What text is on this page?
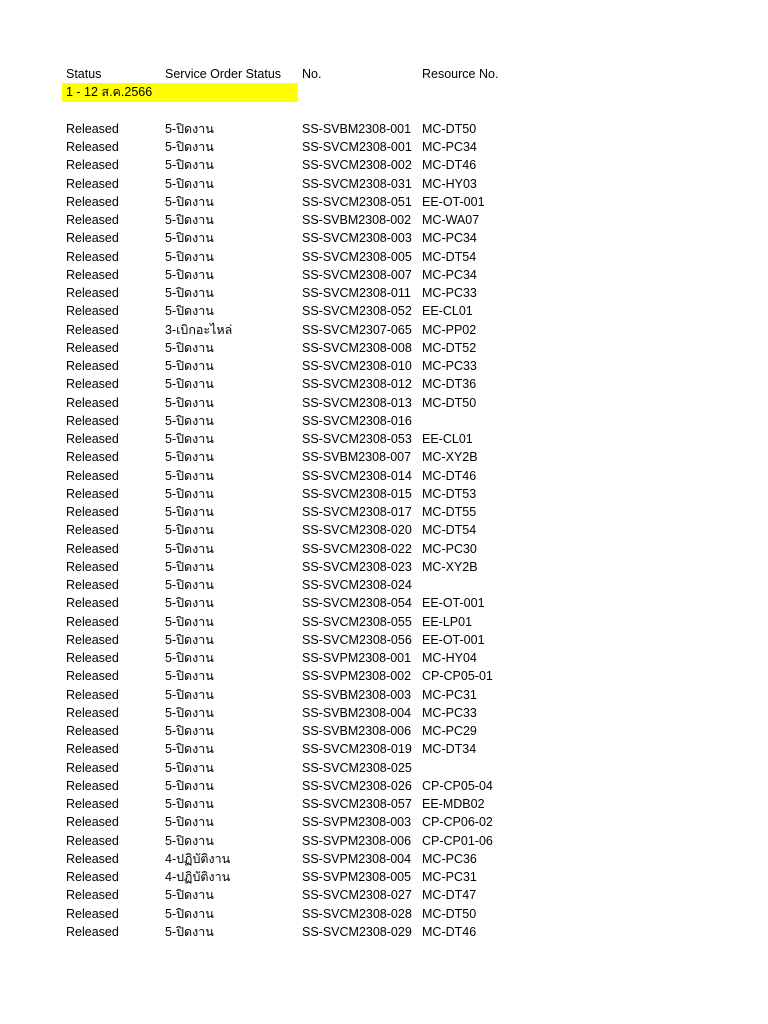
Status	Service Order Status	No.	Resource No.
1 - 12 ส.ค.2566
Released	5-ปิดงาน	SS-SVBM2308-001 MC-DT50
Released	5-ปิดงาน	SS-SVCM2308-001 MC-PC34
Released	5-ปิดงาน	SS-SVCM2308-002 MC-DT46
Released	5-ปิดงาน	SS-SVCM2308-031 MC-HY03
Released	5-ปิดงาน	SS-SVCM2308-051 EE-OT-001
Released	5-ปิดงาน	SS-SVBM2308-002 MC-WA07
Released	5-ปิดงาน	SS-SVCM2308-003 MC-PC34
Released	5-ปิดงาน	SS-SVCM2308-005 MC-DT54
Released	5-ปิดงาน	SS-SVCM2308-007 MC-PC34
Released	5-ปิดงาน	SS-SVCM2308-011 MC-PC33
Released	5-ปิดงาน	SS-SVCM2308-052 EE-CL01
Released	3-เบิกอะไหล่	SS-SVCM2307-065 MC-PP02
Released	5-ปิดงาน	SS-SVCM2308-008 MC-DT52
Released	5-ปิดงาน	SS-SVCM2308-010 MC-PC33
Released	5-ปิดงาน	SS-SVCM2308-012 MC-DT36
Released	5-ปิดงาน	SS-SVCM2308-013 MC-DT50
Released	5-ปิดงาน	SS-SVCM2308-016
Released	5-ปิดงาน	SS-SVCM2308-053 EE-CL01
Released	5-ปิดงาน	SS-SVBM2308-007 MC-XY2B
Released	5-ปิดงาน	SS-SVCM2308-014 MC-DT46
Released	5-ปิดงาน	SS-SVCM2308-015 MC-DT53
Released	5-ปิดงาน	SS-SVCM2308-017 MC-DT55
Released	5-ปิดงาน	SS-SVCM2308-020 MC-DT54
Released	5-ปิดงาน	SS-SVCM2308-022 MC-PC30
Released	5-ปิดงาน	SS-SVCM2308-023 MC-XY2B
Released	5-ปิดงาน	SS-SVCM2308-024
Released	5-ปิดงาน	SS-SVCM2308-054 EE-OT-001
Released	5-ปิดงาน	SS-SVCM2308-055 EE-LP01
Released	5-ปิดงาน	SS-SVCM2308-056 EE-OT-001
Released	5-ปิดงาน	SS-SVPM2308-001 MC-HY04
Released	5-ปิดงาน	SS-SVPM2308-002 CP-CP05-01
Released	5-ปิดงาน	SS-SVBM2308-003 MC-PC31
Released	5-ปิดงาน	SS-SVBM2308-004 MC-PC33
Released	5-ปิดงาน	SS-SVBM2308-006 MC-PC29
Released	5-ปิดงาน	SS-SVCM2308-019 MC-DT34
Released	5-ปิดงาน	SS-SVCM2308-025
Released	5-ปิดงาน	SS-SVCM2308-026 CP-CP05-04
Released	5-ปิดงาน	SS-SVCM2308-057 EE-MDB02
Released	5-ปิดงาน	SS-SVPM2308-003 CP-CP06-02
Released	5-ปิดงาน	SS-SVPM2308-006 CP-CP01-06
Released	4-ปฏิบัติงาน	SS-SVPM2308-004 MC-PC36
Released	4-ปฏิบัติงาน	SS-SVPM2308-005 MC-PC31
Released	5-ปิดงาน	SS-SVCM2308-027 MC-DT47
Released	5-ปิดงาน	SS-SVCM2308-028 MC-DT50
Released	5-ปิดงาน	SS-SVCM2308-029 MC-DT46
